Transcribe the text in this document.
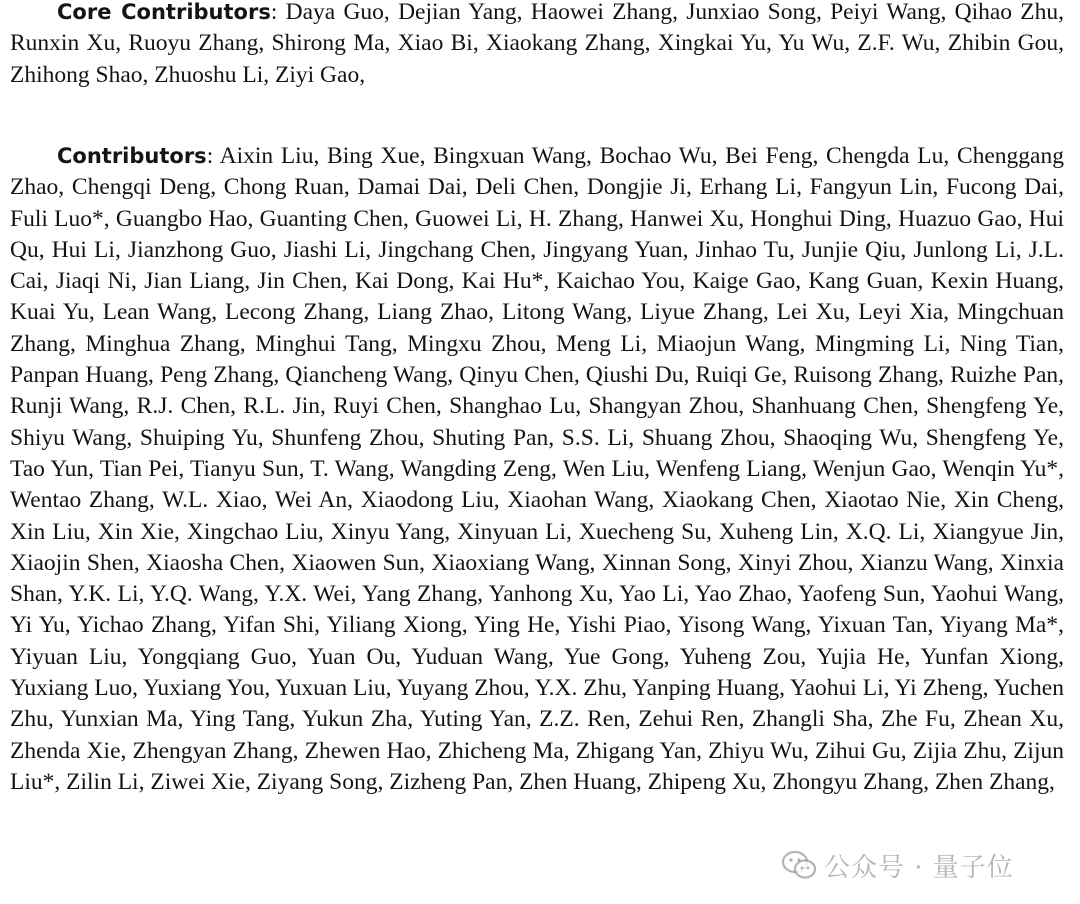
Core Contributors: Daya Guo, Dejian Yang, Haowei Zhang, Junxiao Song, Peiyi Wang, Qihao Zhu, Runxin Xu, Ruoyu Zhang, Shirong Ma, Xiao Bi, Xiaokang Zhang, Xingkai Yu, Yu Wu, Z.F. Wu, Zhibin Gou, Zhihong Shao, Zhuoshu Li, Ziyi Gao,

Contributors: Aixin Liu, Bing Xue, Bingxuan Wang, Bochao Wu, Bei Feng, Chengda Lu, Chenggang Zhao, Chengqi Deng, Chong Ruan, Damai Dai, Deli Chen, Dongjie Ji, Erhang Li, Fangyun Lin, Fucong Dai, Fuli Luo*, Guangbo Hao, Guanting Chen, Guowei Li, H. Zhang, Hanwei Xu, Honghui Ding, Huazuo Gao, Hui Qu, Hui Li, Jianzhong Guo, Jiashi Li, Jingchang Chen, Jingyang Yuan, Jinhao Tu, Junjie Qiu, Junlong Li, J.L. Cai, Jiaqi Ni, Jian Liang, Jin Chen, Kai Dong, Kai Hu*, Kaichao You, Kaige Gao, Kang Guan, Kexin Huang, Kuai Yu, Lean Wang, Lecong Zhang, Liang Zhao, Litong Wang, Liyue Zhang, Lei Xu, Leyi Xia, Mingchuan Zhang, Minghua Zhang, Minghui Tang, Mingxu Zhou, Meng Li, Miaojun Wang, Mingming Li, Ning Tian, Panpan Huang, Peng Zhang, Qiancheng Wang, Qinyu Chen, Qiushi Du, Ruiqi Ge, Ruisong Zhang, Ruizhe Pan, Runji Wang, R.J. Chen, R.L. Jin, Ruyi Chen, Shanghao Lu, Shangyan Zhou, Shanhuang Chen, Shengfeng Ye, Shiyu Wang, Shuiping Yu, Shunfeng Zhou, Shuting Pan, S.S. Li, Shuang Zhou, Shaoqing Wu, Shengfeng Ye, Tao Yun, Tian Pei, Tianyu Sun, T. Wang, Wangding Zeng, Wen Liu, Wenfeng Liang, Wenjun Gao, Wenqin Yu*, Wentao Zhang, W.L. Xiao, Wei An, Xiaodong Liu, Xiaohan Wang, Xiaokang Chen, Xiaotao Nie, Xin Cheng, Xin Liu, Xin Xie, Xingchao Liu, Xinyu Yang, Xinyuan Li, Xuecheng Su, Xuheng Lin, X.Q. Li, Xiangyue Jin, Xiaojin Shen, Xiaosha Chen, Xiaowen Sun, Xiaoxiang Wang, Xinnan Song, Xinyi Zhou, Xianzu Wang, Xinxia Shan, Y.K. Li, Y.Q. Wang, Y.X. Wei, Yang Zhang, Yanhong Xu, Yao Li, Yao Zhao, Yaofeng Sun, Yaohui Wang, Yi Yu, Yichao Zhang, Yifan Shi, Yiliang Xiong, Ying He, Yishi Piao, Yisong Wang, Yixuan Tan, Yiyang Ma*, Yiyuan Liu, Yongqiang Guo, Yuan Ou, Yuduan Wang, Yue Gong, Yuheng Zou, Yujia He, Yunfan Xiong, Yuxiang Luo, Yuxiang You, Yuxuan Liu, Yuyang Zhou, Y.X. Zhu, Yanping Huang, Yaohui Li, Yi Zheng, Yuchen Zhu, Yunxian Ma, Ying Tang, Yukun Zha, Yuting Yan, Z.Z. Ren, Zehui Ren, Zhangli Sha, Zhe Fu, Zhean Xu, Zhenda Xie, Zhengyan Zhang, Zhewen Hao, Zhicheng Ma, Zhigang Yan, Zhiyu Wu, Zihui Gu, Zijia Zhu, Zijun Liu*, Zilin Li, Ziwei Xie, Ziyang Song, Zizheng Pan, Zhen Huang, Zhipeng Xu, Zhongyu Zhang, Zhen Zhang,

公众号 · 量子位
